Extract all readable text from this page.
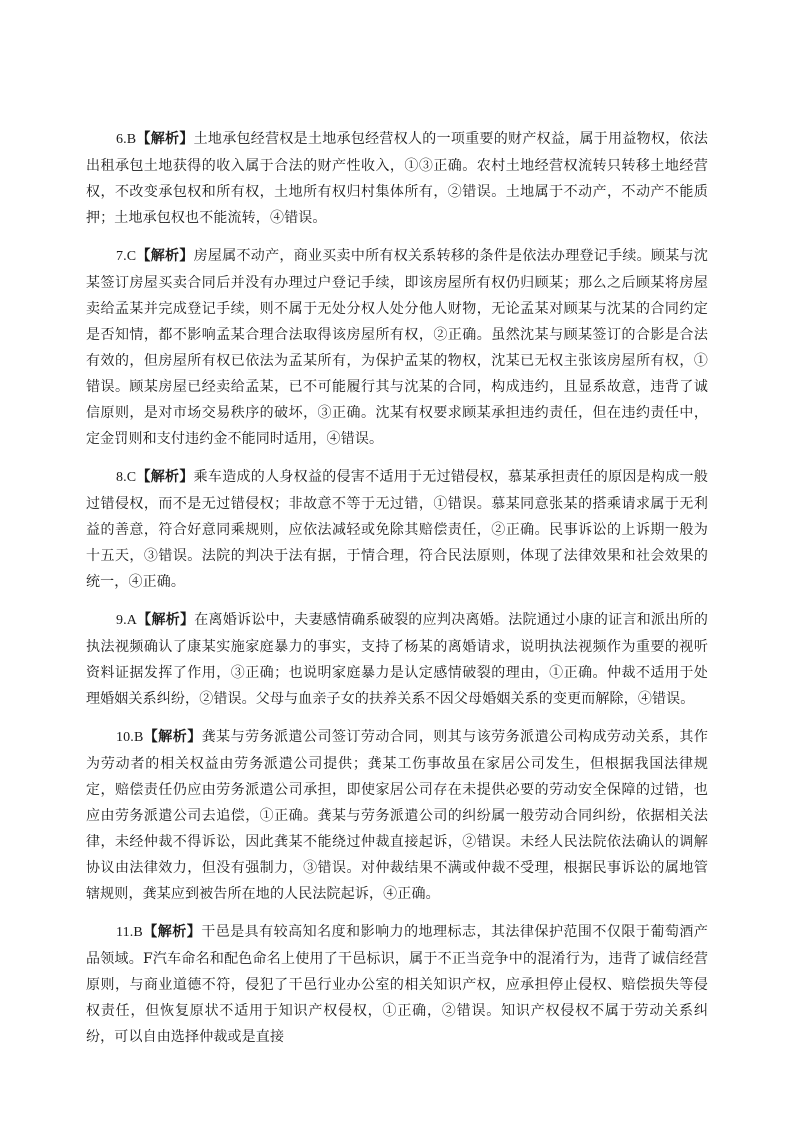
6.B【解析】土地承包经营权是土地承包经营权人的一项重要的财产权益，属于用益物权，依法出租承包土地获得的收入属于合法的财产性收入，①③正确。农村土地经营权流转只转移土地经营权，不改变承包权和所有权，土地所有权归村集体所有，②错误。土地属于不动产，不动产不能质押；土地承包权也不能流转，④错误。

7.C【解析】房屋属不动产，商业买卖中所有权关系转移的条件是依法办理登记手续。顾某与沈某签订房屋买卖合同后并没有办理过户登记手续，即该房屋所有权仍归顾某；那么之后顾某将房屋卖给孟某并完成登记手续，则不属于无处分权人处分他人财物，无论孟某对顾某与沈某的合同约定是否知情，都不影响孟某合理合法取得该房屋所有权，②正确。虽然沈某与顾某签订的合影是合法有效的，但房屋所有权已依法为孟某所有，为保护孟某的物权，沈某已无权主张该房屋所有权，①错误。顾某房屋已经卖给孟某，已不可能履行其与沈某的合同，构成违约，且显系故意，违背了诚信原则，是对市场交易秩序的破坏，③正确。沈某有权要求顾某承担违约责任，但在违约责任中，定金罚则和支付违约金不能同时适用，④错误。

8.C【解析】乘车造成的人身权益的侵害不适用于无过错侵权，慕某承担责任的原因是构成一般过错侵权，而不是无过错侵权；非故意不等于无过错，①错误。慕某同意张某的搭乘请求属于无利益的善意，符合好意同乘规则，应依法减轻或免除其赔偿责任，②正确。民事诉讼的上诉期一般为十五天，③错误。法院的判决于法有据，于情合理，符合民法原则，体现了法律效果和社会效果的统一，④正确。

9.A【解析】在离婚诉讼中，夫妻感情确系破裂的应判决离婚。法院通过小康的证言和派出所的执法视频确认了康某实施家庭暴力的事实，支持了杨某的离婚请求，说明执法视频作为重要的视听资料证据发挥了作用，③正确；也说明家庭暴力是认定感情破裂的理由，①正确。仲裁不适用于处理婚姻关系纠纷，②错误。父母与血亲子女的扶养关系不因父母婚姻关系的变更而解除，④错误。

10.B【解析】龚某与劳务派遣公司签订劳动合同，则其与该劳务派遣公司构成劳动关系，其作为劳动者的相关权益由劳务派遣公司提供；龚某工伤事故虽在家居公司发生，但根据我国法律规定，赔偿责任仍应由劳务派遣公司承担，即使家居公司存在未提供必要的劳动安全保障的过错，也应由劳务派遣公司去追偿，①正确。龚某与劳务派遣公司的纠纷属一般劳动合同纠纷，依据相关法律，未经仲裁不得诉讼，因此龚某不能绕过仲裁直接起诉，②错误。未经人民法院依法确认的调解协议由法律效力，但没有强制力，③错误。对仲裁结果不满或仲裁不受理，根据民事诉讼的属地管辖规则，龚某应到被告所在地的人民法院起诉，④正确。

11.B【解析】干邑是具有较高知名度和影响力的地理标志，其法律保护范围不仅限于葡萄酒产品领域。F汽车命名和配色命名上使用了干邑标识，属于不正当竞争中的混淆行为，违背了诚信经营原则，与商业道德不符，侵犯了干邑行业办公室的相关知识产权，应承担停止侵权、赔偿损失等侵权责任，但恢复原状不适用于知识产权侵权，①正确，②错误。知识产权侵权不属于劳动关系纠纷，可以自由选择仲裁或是直接
